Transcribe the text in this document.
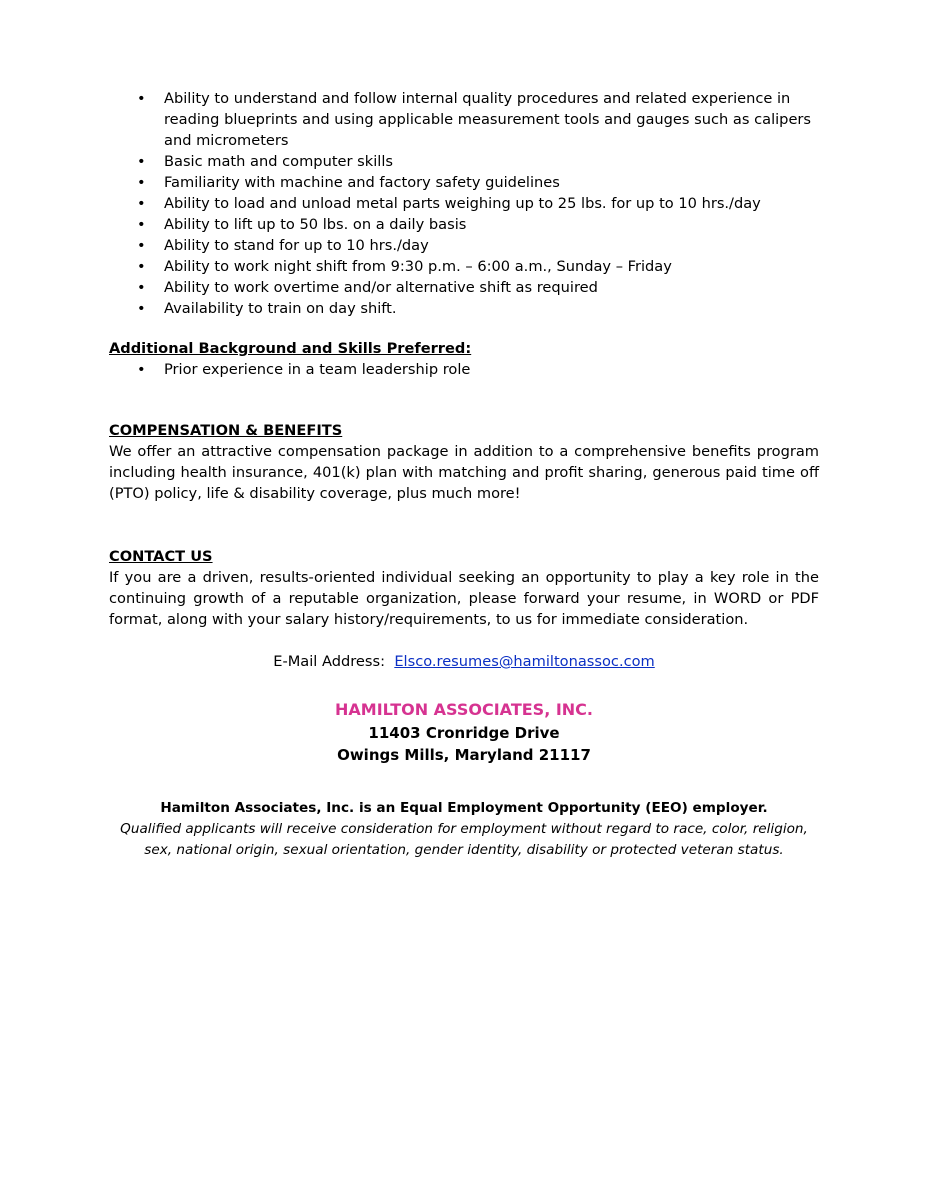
• Ability to understand and follow internal quality procedures and related experience in reading blueprints and using applicable measurement tools and gauges such as calipers and micrometers
• Basic math and computer skills
• Familiarity with machine and factory safety guidelines
• Ability to load and unload metal parts weighing up to 25 lbs. for up to 10 hrs./day
• Ability to lift up to 50 lbs. on a daily basis
• Ability to stand for up to 10 hrs./day
• Ability to work night shift from 9:30 p.m. – 6:00 a.m., Sunday – Friday
• Ability to work overtime and/or alternative shift as required
• Availability to train on day shift.
Additional Background and Skills Preferred:
• Prior experience in a team leadership role
COMPENSATION & BENEFITS
We offer an attractive compensation package in addition to a comprehensive benefits program including health insurance, 401(k) plan with matching and profit sharing, generous paid time off (PTO) policy, life & disability coverage, plus much more!
CONTACT US
If you are a driven, results-oriented individual seeking an opportunity to play a key role in the continuing growth of a reputable organization, please forward your resume, in WORD or PDF format, along with your salary history/requirements, to us for immediate consideration.
E-Mail Address: Elsco.resumes@hamiltonassoc.com
HAMILTON ASSOCIATES, INC.
11403 Cronridge Drive
Owings Mills, Maryland 21117
Hamilton Associates, Inc. is an Equal Employment Opportunity (EEO) employer.
Qualified applicants will receive consideration for employment without regard to race, color, religion, sex, national origin, sexual orientation, gender identity, disability or protected veteran status.
